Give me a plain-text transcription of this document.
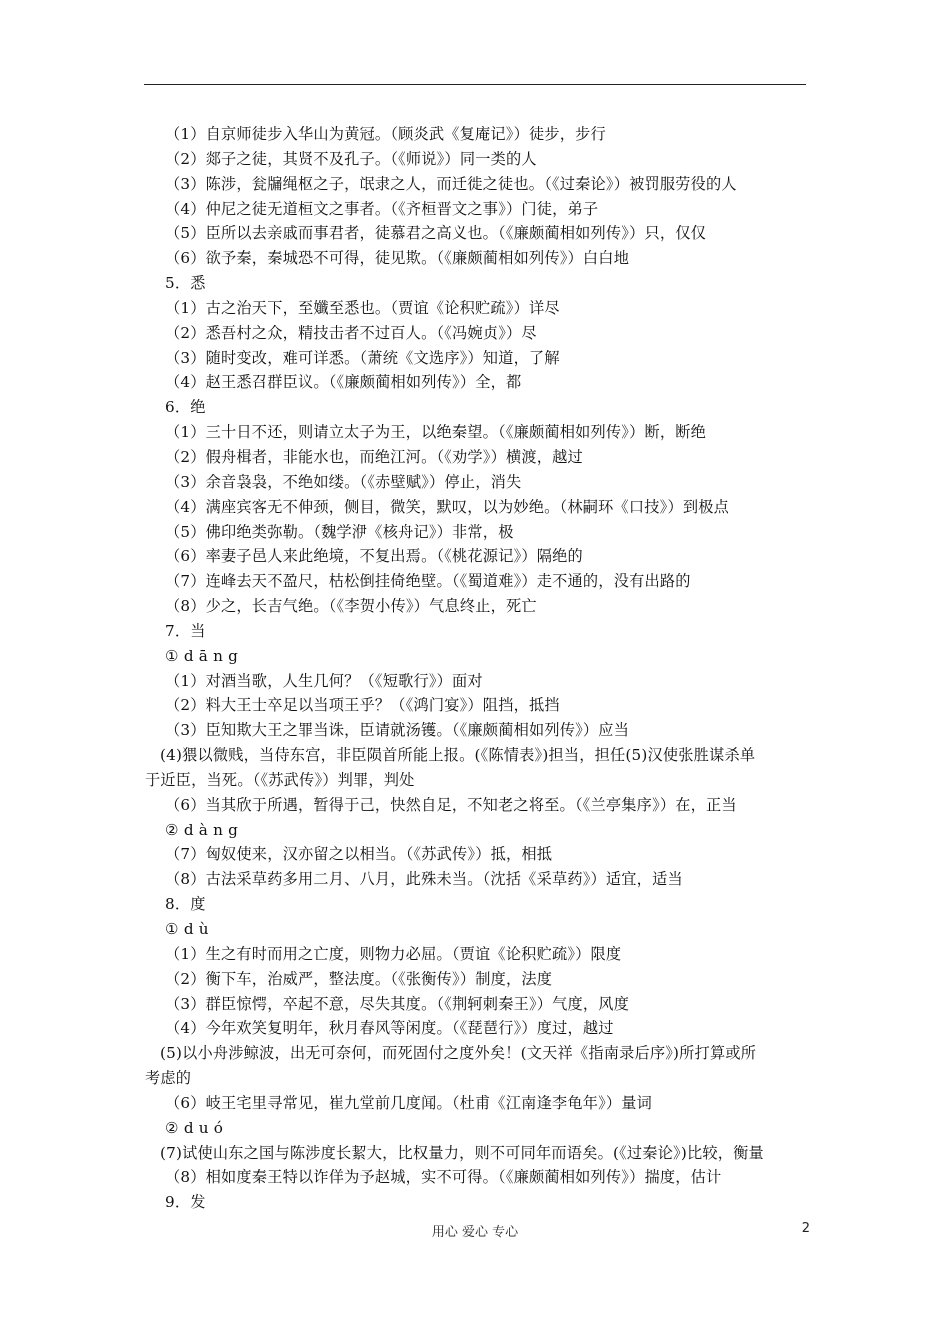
（1）自京师徒步入华山为黄冠。（顾炎武《复庵记》）徒步，步行
（2）郯子之徒，其贤不及孔子。（《师说》）同一类的人
（3）陈涉，瓮牖绳枢之子，氓隶之人，而迁徙之徒也。（《过秦论》）被罚服劳役的人
（4）仲尼之徒无道桓文之事者。（《齐桓晋文之事》）门徒，弟子
（5）臣所以去亲戚而事君者，徒慕君之高义也。（《廉颇蔺相如列传》）只，仅仅
（6）欲予秦，秦城恐不可得，徒见欺。（《廉颇蔺相如列传》）白白地
5．悉
（1）古之治天下，至孅至悉也。（贾谊《论积贮疏》）详尽
（2）悉吾村之众，精技击者不过百人。（《冯婉贞》）尽
（3）随时变改，难可详悉。（萧统《文选序》）知道，了解
（4）赵王悉召群臣议。（《廉颇蔺相如列传》）全，都
6．绝
（1）三十日不还，则请立太子为王，以绝秦望。（《廉颇蔺相如列传》）断，断绝
（2）假舟楫者，非能水也，而绝江河。（《劝学》）横渡，越过
（3）余音袅袅，不绝如缕。（《赤壁赋》）停止，消失
（4）满座宾客无不伸颈，侧目，微笑，默叹，以为妙绝。（林嗣环《口技》）到极点
（5）佛印绝类弥勒。（魏学洢《核舟记》）非常，极
（6）率妻子邑人来此绝境，不复出焉。（《桃花源记》）隔绝的
（7）连峰去天不盈尺，枯松倒挂倚绝壁。（《蜀道难》）走不通的，没有出路的
（8）少之，长吉气绝。（《李贺小传》）气息终止，死亡
7．当
① d ā n g
（1）对酒当歌，人生几何？（《短歌行》）面对
（2）料大王士卒足以当项王乎？（《鸿门宴》）阻挡，抵挡
（3）臣知欺大王之罪当诛，臣请就汤镬。（《廉颇蔺相如列传》）应当
(4)猥以微贱，当侍东宫，非臣陨首所能上报。(《陈情表》)担当，担任(5)汉使张胜谋杀单
于近臣，当死。（《苏武传》）判罪，判处
（6）当其欣于所遇，暂得于己，快然自足，不知老之将至。（《兰亭集序》）在，正当
② d à n g
（7）匈奴使来，汉亦留之以相当。（《苏武传》）抵，相抵
（8）古法采草药多用二月、八月，此殊未当。（沈括《采草药》）适宜，适当
8．度
① d ù
（1）生之有时而用之亡度，则物力必屈。（贾谊《论积贮疏》）限度
（2）衡下车，治威严，整法度。（《张衡传》）制度，法度
（3）群臣惊愕，卒起不意，尽失其度。（《荆轲刺秦王》）气度，风度
（4）今年欢笑复明年，秋月春风等闲度。（《琵琶行》）度过，越过
(5)以小舟涉鲸波，出无可奈何，而死固付之度外矣！(文天祥《指南录后序》)所打算或所
考虑的
（6）岐王宅里寻常见，崔九堂前几度闻。（杜甫《江南逢李龟年》）量词
② d u ó
(7)试使山东之国与陈涉度长絜大，比权量力，则不可同年而语矣。(《过秦论》)比较，衡量
（8）相如度秦王特以诈佯为予赵城，实不可得。（《廉颇蔺相如列传》）揣度，估计
9．发
用心 爱心 专心	2
